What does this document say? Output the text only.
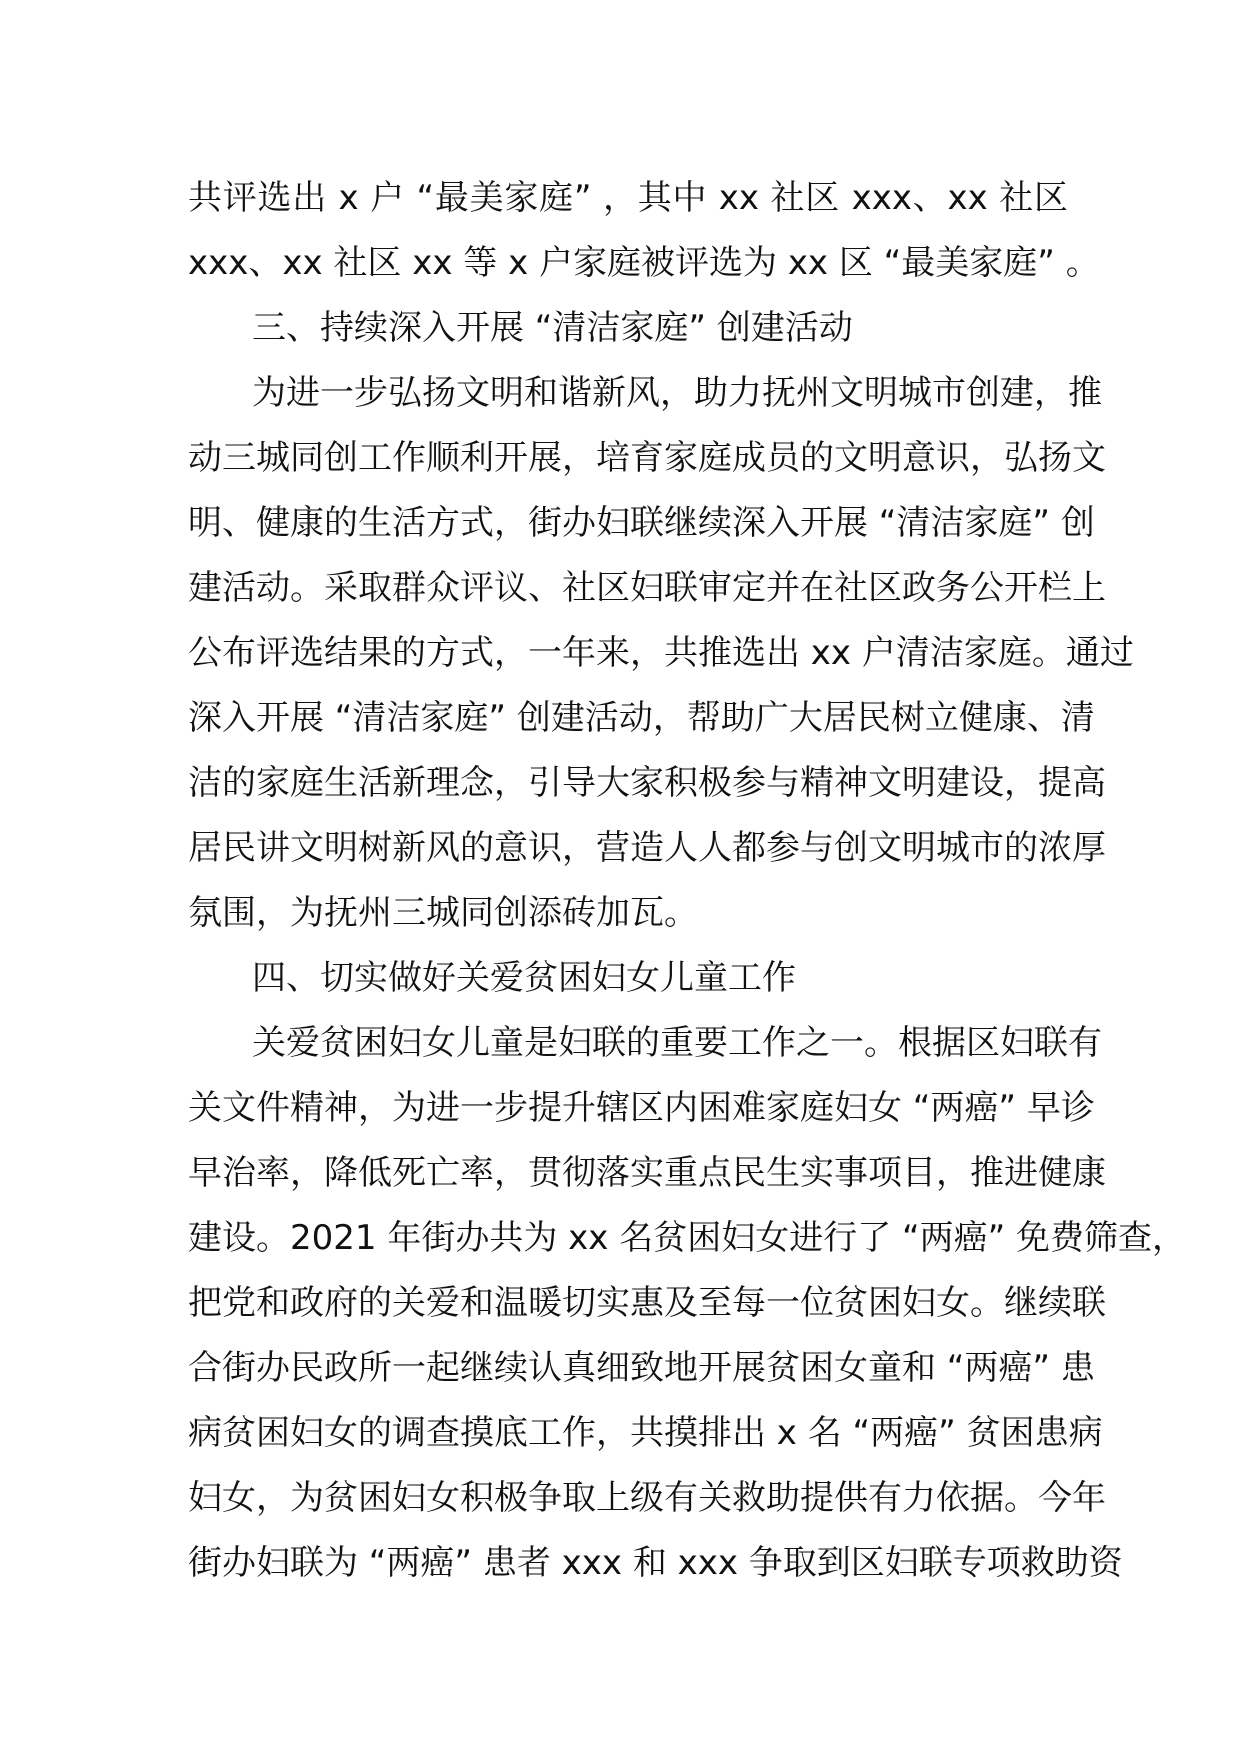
共评选出 x 户 “最美家庭” ，其中 xx 社区 xxx、xx 社区
xxx、xx 社区 xx 等 x 户家庭被评选为 xx 区 “最美家庭” 。
三、持续深入开展 “清洁家庭” 创建活动
为进一步弘扬文明和谐新风，助力抚州文明城市创建，推
动三城同创工作顺利开展，培育家庭成员的文明意识，弘扬文
明、健康的生活方式，街办妇联继续深入开展 “清洁家庭” 创
建活动。采取群众评议、社区妇联审定并在社区政务公开栏上
公布评选结果的方式，一年来，共推选出 xx 户清洁家庭。通过
深入开展 “清洁家庭” 创建活动，帮助广大居民树立健康、清
洁的家庭生活新理念，引导大家积极参与精神文明建设，提高
居民讲文明树新风的意识，营造人人都参与创文明城市的浓厚
氛围，为抚州三城同创添砖加瓦。
四、切实做好关爱贫困妇女儿童工作
关爱贫困妇女儿童是妇联的重要工作之一。根据区妇联有
关文件精神，为进一步提升辖区内困难家庭妇女 “两癌” 早诊
早治率，降低死亡率，贯彻落实重点民生实事项目，推进健康
建设。2021 年街办共为 xx 名贫困妇女进行了 “两癌” 免费筛查，
把党和政府的关爱和温暖切实惠及至每一位贫困妇女。继续联
合街办民政所一起继续认真细致地开展贫困女童和 “两癌” 患
病贫困妇女的调查摸底工作，共摸排出 x 名 “两癌” 贫困患病
妇女，为贫困妇女积极争取上级有关救助提供有力依据。今年
街办妇联为 “两癌” 患者 xxx 和 xxx 争取到区妇联专项救助资
